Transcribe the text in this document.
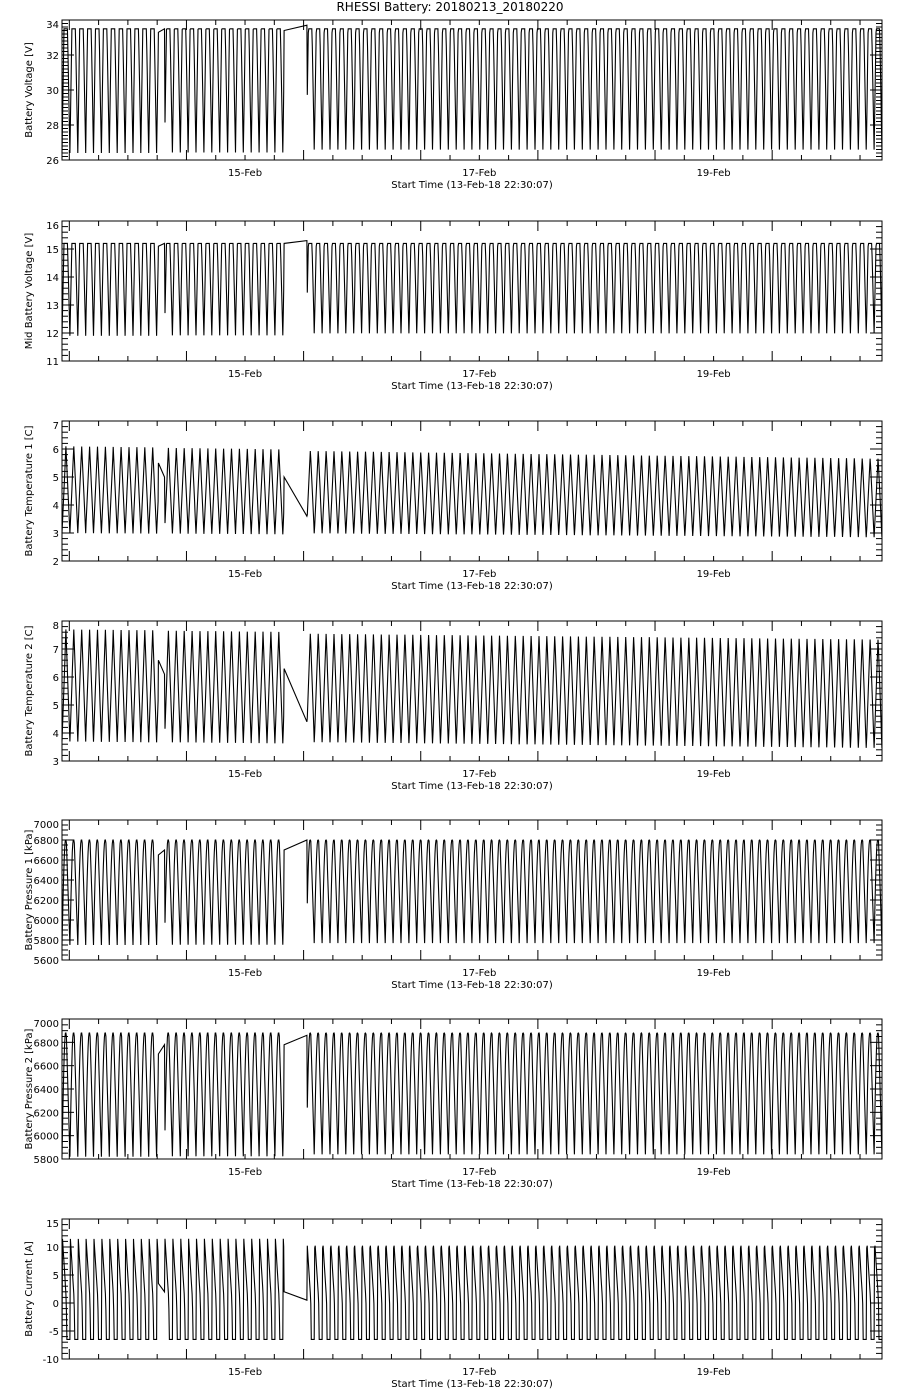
RHESSI Battery: 20180213_20180220
26
28
30
32
34
Battery Voltage [V]
15-Feb	17-Feb	19-Feb
Start Time (13-Feb-18 22:30:07)
11
12
13
14
15
16
Mid Battery Voltage [V]
15-Feb	17-Feb	19-Feb
Start Time (13-Feb-18 22:30:07)
2
3
4
5
6
7
Battery Temperature 1 [C]
15-Feb	17-Feb	19-Feb
Start Time (13-Feb-18 22:30:07)
3
4
5
6
7
8
Battery Temperature 2 [C]
15-Feb	17-Feb	19-Feb
Start Time (13-Feb-18 22:30:07)
5600
5800
6000
6200
6400
6600
6800
7000
Battery Pressure 1 [kPa]
15-Feb	17-Feb	19-Feb
Start Time (13-Feb-18 22:30:07)
5800
6000
6200
6400
6600
6800
7000
Battery Pressure 2 [kPa]
15-Feb	17-Feb	19-Feb
Start Time (13-Feb-18 22:30:07)
-10
-5
0
5
10
15
Battery Current [A]
15-Feb	17-Feb	19-Feb
Start Time (13-Feb-18 22:30:07)
